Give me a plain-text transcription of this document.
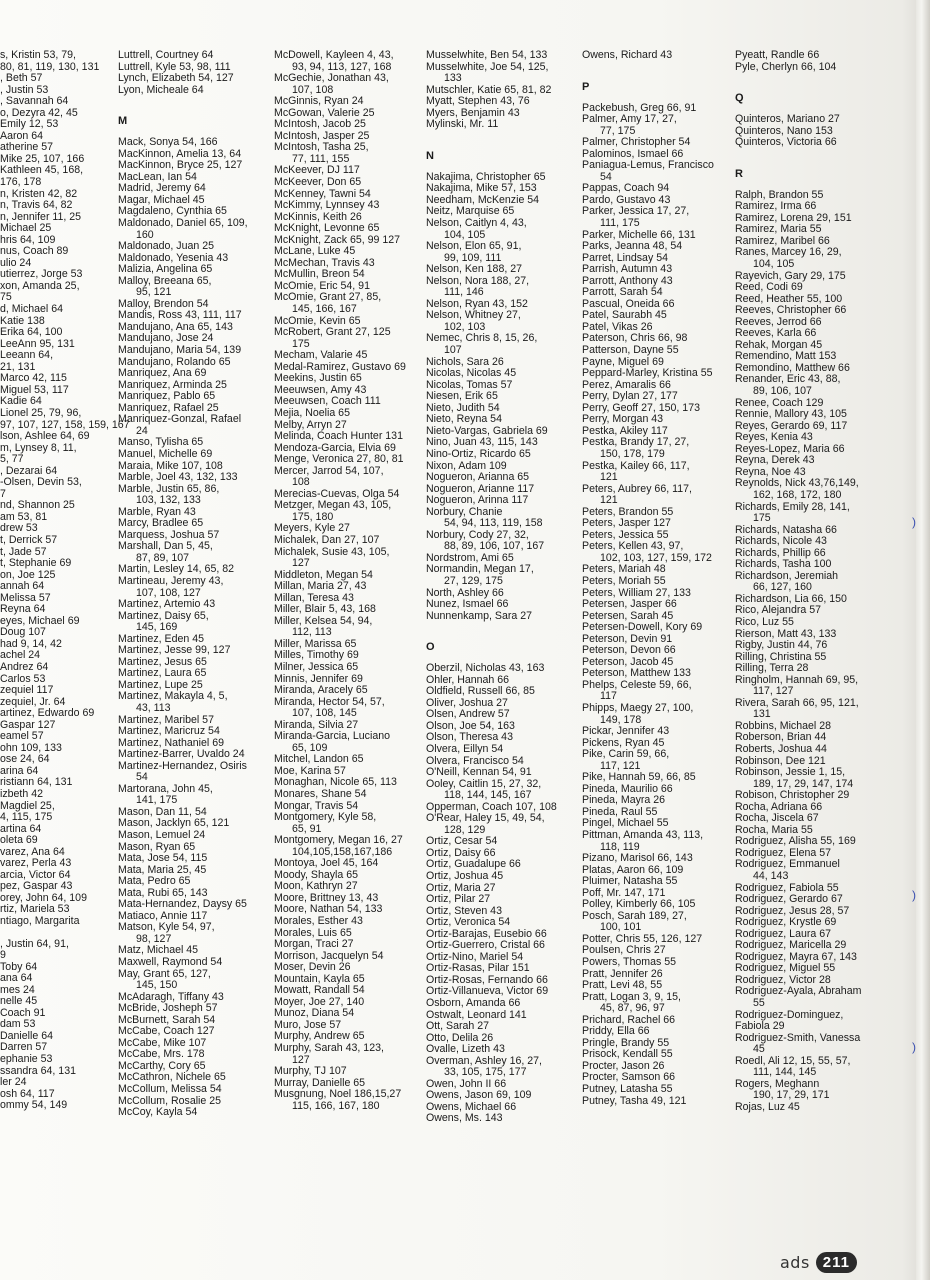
s, Kristin 53, 79,
80, 81, 119, 130, 131
, Beth 57
, Justin 53
, Savannah 64
o, Dezyra 42, 45
Emily 12, 53
Aaron 64
atherine 57
Mike 25, 107, 166
Kathleen 45, 168,
176, 178
n, Kristen 42, 82
n, Travis 64, 82
n, Jennifer 11, 25
Michael 25
hris 64, 109
nus, Coach 89
ulio 24
utierrez, Jorge 53
xon, Amanda 25,
75
d, Michael 64
Katie 138
Erika 64, 100
LeeAnn 95, 131
Leeann 64,
21, 131
Marco 42, 115
Miguel 53, 117
Kadie 64
Lionel 25, 79, 96,
97, 107, 127, 158, 159, 167
lson, Ashlee 64, 69
m, Lynsey 8, 11,
5, 77
, Dezarai 64
-Olsen, Devin 53,
7
nd, Shannon 25
am 53, 81
drew 53
t, Derrick 57
t, Jade 57
t, Stephanie 69
on, Joe 125
annah 64
Melissa 57
Reyna 64
eyes, Michael 69
Doug 107
had 9, 14, 42
achel 24
Andrez 64
Carlos 53
zequiel 117
zequiel, Jr. 64
artinez, Edwardo 69
Gaspar 127
eamel 57
ohn 109, 133
ose 24, 64
arina 64
ristiann 64, 131
izbeth 42
Magdiel 25,
4, 115, 175
artina 64
oleta 69
varez, Ana 64
varez, Perla 43
arcia, Victor 64
pez, Gaspar 43
orey, John 64, 109
rtiz, Mariela 53
ntiago, Margarita
, Justin 64, 91,
9
Toby 64
ana 64
mes 24
nelle 45
Coach 91
dam 53
Danielle 64
Darren 57
ephanie 53
ssandra 64, 131
ler 24
osh 64, 117
ommy 54, 149
Luttrell, Courtney 64
Luttrell, Kyle 53, 98, 111
Lynch, Elizabeth 54, 127
Lyon, Micheale 64
M
Mack, Sonya 54, 166
MacKinnon, Amelia 13, 64
MacKinnon, Bryce 25, 127
MacLean, Ian 54
Madrid, Jeremy 64
Magar, Michael 45
Magdaleno, Cynthia 65
Maldonado, Daniel 65, 109,
160
Maldonado, Juan 25
Maldonado, Yesenia 43
Malizia, Angelina 65
Malloy, Breeana 65,
95, 121
Malloy, Brendon 54
Mandis, Ross 43, 111, 117
Mandujano, Ana 65, 143
Mandujano, Jose 24
Mandujano, Maria 54, 139
Mandujano, Rolando 65
Manriquez, Ana 69
Manriquez, Arminda 25
Manriquez, Pablo 65
Manriquez, Rafael 25
Manriquez-Gonzal, Rafael
24
Manso, Tylisha 65
Manuel, Michelle 69
Maraia, Mike 107, 108
Marble, Joel 43, 132, 133
Marble, Justin 65, 86,
103, 132, 133
Marble, Ryan 43
Marcy, Bradlee 65
Marquess, Joshua 57
Marshall, Dan 5, 45,
87, 89, 107
Martin, Lesley 14, 65, 82
Martineau, Jeremy 43,
107, 108, 127
Martinez, Artemio 43
Martinez, Daisy 65,
145, 169
Martinez, Eden 45
Martinez, Jesse 99, 127
Martinez, Jesus 65
Martinez, Laura 65
Martinez, Lupe 25
Martinez, Makayla 4, 5,
43, 113
Martinez, Maribel 57
Martinez, Maricruz 54
Martinez, Nathaniel 69
Martinez-Barrer, Uvaldo 24
Martinez-Hernandez, Osiris
54
Martorana, John 45,
141, 175
Mason, Dan 11, 54
Mason, Jacklyn 65, 121
Mason, Lemuel 24
Mason, Ryan 65
Mata, Jose 54, 115
Mata, Maria 25, 45
Mata, Pedro 65
Mata, Rubi 65, 143
Mata-Hernandez, Daysy 65
Matiaco, Annie 117
Matson, Kyle 54, 97,
98, 127
Matz, Michael 45
Maxwell, Raymond 54
May, Grant 65, 127,
145, 150
McAdaragh, Tiffany 43
McBride, Josheph 57
McBurnett, Sarah 54
McCabe, Coach 127
McCabe, Mike 107
McCabe, Mrs. 178
McCarthy, Cory 65
McCathron, Nichele 65
McCollum, Melissa 54
McCollum, Rosalie 25
McCoy, Kayla 54
McDowell, Kayleen 4, 43,
93, 94, 113, 127, 168
McGechie, Jonathan 43,
107, 108
McGinnis, Ryan 24
McGowan, Valerie 25
McIntosh, Jacob 25
McIntosh, Jasper 25
McIntosh, Tasha 25,
77, 111, 155
McKeever, DJ 117
McKeever, Don 65
McKenney, Tawni 54
McKimmy, Lynnsey 43
McKinnis, Keith 26
McKnight, Levonne 65
McKnight, Zack 65, 99 127
McLane, Luke 45
McMechan, Travis 43
McMullin, Breon 54
McOmie, Eric 54, 91
McOmie, Grant 27, 85,
145, 166, 167
McOmie, Kevin 65
McRobert, Grant 27, 125
175
Mecham, Valarie 45
Medal-Ramirez, Gustavo 69
Meekins, Justin 65
Meeuwsen, Amy 43
Meeuwsen, Coach 111
Mejia, Noelia 65
Melby, Arryn 27
Melinda, Coach Hunter 131
Mendoza-Garcia, Elvia 69
Menge, Veronica 27, 80, 81
Mercer, Jarrod 54, 107,
108
Merecias-Cuevas, Olga 54
Metzger, Megan 43, 105,
175, 180
Meyers, Kyle 27
Michalek, Dan 27, 107
Michalek, Susie 43, 105,
127
Middleton, Megan 54
Millan, Maria 27, 43
Millan, Teresa 43
Miller, Blair 5, 43, 168
Miller, Kelsea 54, 94,
112, 113
Miller, Marissa 65
Milles, Timothy 69
Milner, Jessica 65
Minnis, Jennifer 69
Miranda, Aracely 65
Miranda, Hector 54, 57,
107, 108, 145
Miranda, Silvia 27
Miranda-Garcia, Luciano
65, 109
Mitchel, Landon 65
Moe, Karina 57
Monaghan, Nicole 65, 113
Monares, Shane 54
Mongar, Travis 54
Montgomery, Kyle 58,
65, 91
Montgomery, Megan 16, 27
104,105,158,167,186
Montoya, Joel 45, 164
Moody, Shayla 65
Moon, Kathryn 27
Moore, Brittney 13, 43
Moore, Nathan 54, 133
Morales, Esther 43
Morales, Luis 65
Morgan, Traci 27
Morrison, Jacquelyn 54
Moser, Devin 26
Mountain, Kayla 65
Mowatt, Randall 54
Moyer, Joe 27, 140
Munoz, Diana 54
Muro, Jose 57
Murphy, Andrew 65
Murphy, Sarah 43, 123,
127
Murphy, TJ 107
Murray, Danielle 65
Musgnung, Noel 186,15,27
115, 166, 167, 180
Musselwhite, Ben 54, 133
Musselwhite, Joe 54, 125,
133
Mutschler, Katie 65, 81, 82
Myatt, Stephen 43, 76
Myers, Benjamin 43
Mylinski, Mr. 11
N
Nakajima, Christopher 65
Nakajima, Mike 57, 153
Needham, McKenzie 54
Neitz, Marquise 65
Nelson, Caitlyn 4, 43,
104, 105
Nelson, Elon 65, 91,
99, 109, 111
Nelson, Ken 188, 27
Nelson, Nora 188, 27,
111, 146
Nelson, Ryan 43, 152
Nelson, Whitney 27,
102, 103
Nemec, Chris 8, 15, 26,
107
Nichols, Sara 26
Nicolas, Nicolas 45
Nicolas, Tomas 57
Niesen, Erik 65
Nieto, Judith 54
Nieto, Reyna 54
Nieto-Vargas, Gabriela 69
Nino, Juan 43, 115, 143
Nino-Ortiz, Ricardo 65
Nixon, Adam 109
Nogueron, Arianna 65
Nogueron, Arianne 117
Nogueron, Arinna 117
Norbury, Chanie
54, 94, 113, 119, 158
Norbury, Cody 27, 32,
88, 89, 106, 107, 167
Nordstrom, Ami 65
Normandin, Megan 17,
27, 129, 175
North, Ashley 66
Nunez, Ismael 66
Nunnenkamp, Sara 27
O
Oberzil, Nicholas 43, 163
Ohler, Hannah 66
Oldfield, Russell 66, 85
Oliver, Joshua 27
Olsen, Andrew 57
Olson, Joe 54, 163
Olson, Theresa 43
Olvera, Eillyn 54
Olvera, Francisco 54
O'Neill, Kennan 54, 91
Ooley, Caitlin 15, 27, 32,
118, 144, 145, 167
Opperman, Coach 107, 108
O'Rear, Haley 15, 49, 54,
128, 129
Ortiz, Cesar 54
Ortiz, Daisy 66
Ortiz, Guadalupe 66
Ortiz, Joshua 45
Ortiz, Maria 27
Ortiz, Pilar 27
Ortiz, Steven 43
Ortiz, Veronica 54
Ortiz-Barajas, Eusebio 66
Ortiz-Guerrero, Cristal 66
Ortiz-Nino, Mariel 54
Ortiz-Rasas, Pilar 151
Ortiz-Rosas, Fernando 66
Ortiz-Villanueva, Victor 69
Osborn, Amanda 66
Ostwalt, Leonard 141
Ott, Sarah 27
Otto, Delila 26
Ovalle, Lizeth 43
Overman, Ashley 16, 27,
33, 105, 175, 177
Owen, John II 66
Owens, Jason 69, 109
Owens, Michael 66
Owens, Ms. 143
Owens, Richard 43
P
Packebush, Greg 66, 91
Palmer, Amy 17, 27,
77, 175
Palmer, Christopher 54
Palominos, Ismael 66
Paniagua-Lemus, Francisco
54
Pappas, Coach 94
Pardo, Gustavo 43
Parker, Jessica 17, 27,
111, 175
Parker, Michelle 66, 131
Parks, Jeanna 48, 54
Parret, Lindsay 54
Parrish, Autumn 43
Parrott, Anthony 43
Parrott, Sarah 54
Pascual, Oneida 66
Patel, Saurabh 45
Patel, Vikas 26
Paterson, Chris 66, 98
Patterson, Dayne 55
Payne, Miguel 69
Peppard-Marley, Kristina 55
Perez, Amaralis 66
Perry, Dylan 27, 177
Perry, Geoff 27, 150, 173
Perry, Morgan 43
Pestka, Akiley 117
Pestka, Brandy 17, 27,
150, 178, 179
Pestka, Kailey 66, 117,
121
Peters, Aubrey 66, 117,
121
Peters, Brandon 55
Peters, Jasper 127
Peters, Jessica 55
Peters, Kellen 43, 97,
102, 103, 127, 159, 172
Peters, Mariah 48
Peters, Moriah 55
Peters, William 27, 133
Petersen, Jasper 66
Petersen, Sarah 45
Petersen-Dowell, Kory 69
Peterson, Devin 91
Peterson, Devon 66
Peterson, Jacob 45
Peterson, Matthew 133
Phelps, Celeste 59, 66,
117
Phipps, Maegy 27, 100,
149, 178
Pickar, Jennifer 43
Pickens, Ryan 45
Pike, Carin 59, 66,
117, 121
Pike, Hannah 59, 66, 85
Pineda, Maurilio 66
Pineda, Mayra 26
Pineda, Raul 55
Pingel, Michael 55
Pittman, Amanda 43, 113,
118, 119
Pizano, Marisol 66, 143
Platas, Aaron 66, 109
Pluimer, Natasha 55
Poff, Mr. 147, 171
Polley, Kimberly 66, 105
Posch, Sarah 189, 27,
100, 101
Potter, Chris 55, 126, 127
Poulsen, Chris 27
Powers, Thomas 55
Pratt, Jennifer 26
Pratt, Levi 48, 55
Pratt, Logan 3, 9, 15,
45, 87, 96, 97
Prichard, Rachel 66
Priddy, Ella 66
Pringle, Brandy 55
Prisock, Kendall 55
Procter, Jason 26
Procter, Samson 66
Putney, Latasha 55
Putney, Tasha 49, 121
Pyeatt, Randle 66
Pyle, Cherlyn 66, 104
Q
Quinteros, Mariano 27
Quinteros, Nano 153
Quinteros, Victoria 66
R
Ralph, Brandon 55
Ramirez, Irma 66
Ramirez, Lorena 29, 151
Ramirez, Maria 55
Ramirez, Maribel 66
Ranes, Marcey 16, 29,
104, 105
Rayevich, Gary 29, 175
Reed, Codi 69
Reed, Heather 55, 100
Reeves, Christopher 66
Reeves, Jerrod 66
Reeves, Karla 66
Rehak, Morgan 45
Remendino, Matt 153
Remondino, Matthew 66
Renander, Eric 43, 88,
89, 106, 107
Renee, Coach 129
Rennie, Mallory 43, 105
Reyes, Gerardo 69, 117
Reyes, Kenia 43
Reyes-Lopez, Maria 66
Reyna, Derek 43
Reyna, Noe 43
Reynolds, Nick 43,76,149,
162, 168, 172, 180
Richards, Emily 28, 141,
175
Richards, Natasha 66
Richards, Nicole 43
Richards, Phillip 66
Richards, Tasha 100
Richardson, Jeremiah
66, 127, 160
Richardson, Lia 66, 150
Rico, Alejandra 57
Rico, Luz 55
Rierson, Matt 43, 133
Rigby, Justin 44, 76
Rilling, Christina 55
Rilling, Terra 28
Ringholm, Hannah 69, 95,
117, 127
Rivera, Sarah 66, 95, 121,
131
Robbins, Michael 28
Roberson, Brian 44
Roberts, Joshua 44
Robinson, Dee 121
Robinson, Jessie 1, 15,
189, 17, 29, 147, 174
Robison, Christopher 29
Rocha, Adriana 66
Rocha, Jiscela 67
Rocha, Maria 55
Rodriguez, Alisha 55, 169
Rodriguez, Elena 57
Rodriguez, Emmanuel
44, 143
Rodriguez, Fabiola 55
Rodriguez, Gerardo 67
Rodriguez, Jesus 28, 57
Rodriguez, Krystle 69
Rodriguez, Laura 67
Rodriguez, Maricella 29
Rodriguez, Mayra 67, 143
Rodriguez, Miguel 55
Rodriguez, Victor 28
Rodriguez-Ayala, Abraham
55
Rodriguez-Dominguez,
Fabiola 29
Rodriguez-Smith, Vanessa
45
Roedl, Ali 12, 15, 55, 57,
111, 144, 145
Rogers, Meghann
190, 17, 29, 171
Rojas, Luz 45
)
)
)
ads 211
